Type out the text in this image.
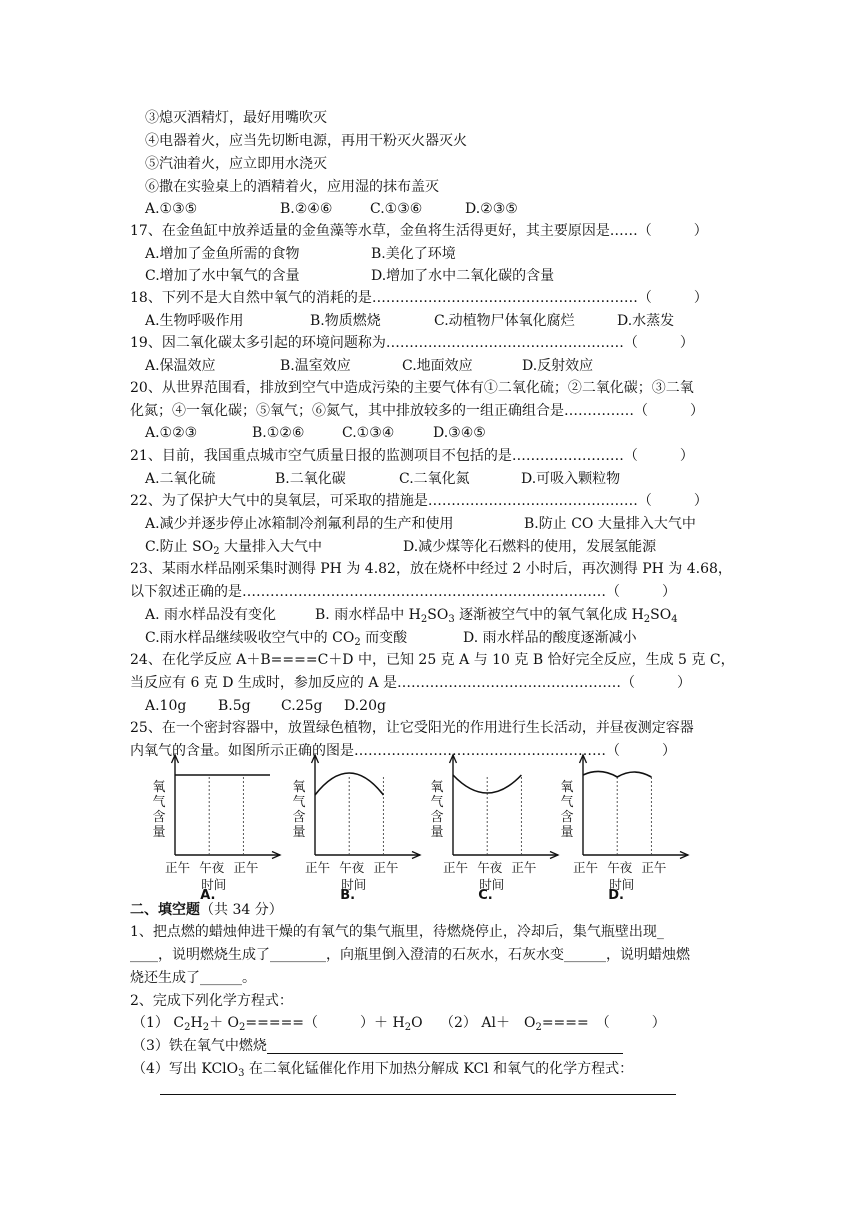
③熄灭酒精灯，最好用嘴吹灭
④电器着火，应当先切断电源，再用干粉灭火器灭火
⑤汽油着火，应立即用水浇灭
⑥撒在实验桌上的酒精着火，应用湿的抹布盖灭
A.①③⑤	B.②④⑥	C.①③⑥	D.②③⑤
17、在金鱼缸中放养适量的金鱼藻等水草，金鱼将生活得更好，其主要原因是……（　　　）
A.增加了金鱼所需的食物	B.美化了环境
C.增加了水中氧气的含量	D.增加了水中二氧化碳的含量
18、下列不是大自然中氧气的消耗的是…………………………………………………（　　　）
A.生物呼吸作用	B.物质燃烧	C.动植物尸体氧化腐烂	D.水蒸发
19、因二氧化碳太多引起的环境问题称为……………………………………………（　　　）
A.保温效应	B.温室效应	C.地面效应	D.反射效应
20、从世界范围看，排放到空气中造成污染的主要气体有①二氧化硫；②二氧化碳；③二氧
化氮；④一氧化碳；⑤氧气；⑥氮气，其中排放较多的一组正确组合是……………（　　　）
A.①②③	B.①②⑥	C.①③④	D.③④⑤
21、目前，我国重点城市空气质量日报的监测项目不包括的是……………………（　　　）
A.二氧化硫	B.二氧化碳	C.二氧化氮	D.可吸入颗粒物
22、为了保护大气中的臭氧层，可采取的措施是………………………………………（　　　）
A.减少并逐步停止冰箱制冷剂氟利昂的生产和使用	B.防止 CO 大量排入大气中
C.防止 $SO_2$ 大量排入大气中	D.减少煤等化石燃料的使用，发展氢能源
23、某雨水样品刚采集时测得 PH 为 4.82，放在烧杯中经过 2 小时后，再次测得 PH 为 4.68，
以下叙述正确的是……………………………………………………………………（　　　）
A. 雨水样品没有变化	B. 雨水样品中 $H_2SO_3$ 逐渐被空气中的氧气氧化成 $H_2SO_4$
C.雨水样品继续吸收空气中的 $CO_2$ 而变酸	D. 雨水样品的酸度逐渐减小
24、在化学反应 A＋B====C＋D 中，已知 25 克 A 与 10 克 B 恰好完全反应，生成 5 克 C，
当反应有 6 克 D 生成时，参加反应的 A 是…………………………………………（　　　）
A.10g B.5g C.25g D.20g
25、在一个密封容器中，放置绿色植物，让它受阳光的作用进行生长活动，并昼夜测定容器
内氧气的含量。如图所示正确的图是………………………………………………（　　　）
氧
气
含
量
正午 午夜 正午
时间
A.
氧
气
含
量
正午 午夜 正午
时间
B.
氧
气
含
量
正午 午夜 正午
时间
C.
氧
气
含
量
正午 午夜 正午
时间
D.
二、填空题（共 34 分）
1、把点燃的蜡烛伸进干燥的有氧气的集气瓶里，待燃烧停止，冷却后，集气瓶壁出现_
____，说明燃烧生成了________，向瓶里倒入澄清的石灰水，石灰水变______，说明蜡烛燃
烧还生成了______。
2、完成下列化学方程式：
（1） $C_2H_2+ O_2=====$（　　　）＋ $H_2O$ （2） Al＋　$O_2====$　（　　　）
（3）铁在氧气中燃烧
（4）写出 KClO$_3$ 在二氧化锰催化作用下加热分解成 KCl 和氧气的化学方程式：
